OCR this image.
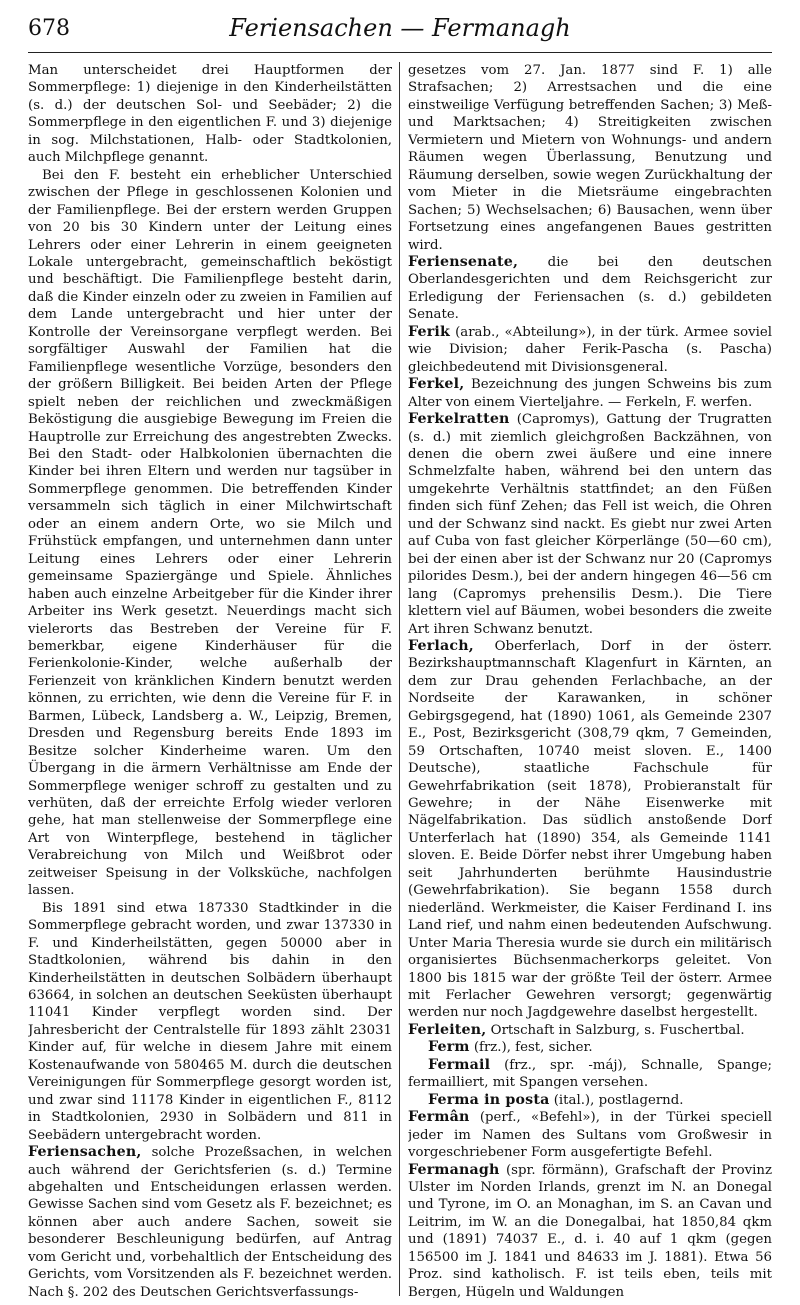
678	Feriensachen — Fermanagh

Man unterscheidet drei Hauptformen der Sommerpflege: 1) diejenige in den Kinderheilstätten (s. d.) der deutschen Sol- und Seebäder; 2) die Sommerpflege in den eigentlichen F. und 3) diejenige in sog. Milchstationen, Halb- oder Stadtkolonien, auch Milchpflege genannt.

Bei den F. besteht ein erheblicher Unterschied zwischen der Pflege in geschlossenen Kolonien und der Familienpflege. Bei der erstern werden Gruppen von 20 bis 30 Kindern unter der Leitung eines Lehrers oder einer Lehrerin in einem geeigneten Lokale untergebracht, gemeinschaftlich beköstigt und beschäftigt. Die Familienpflege besteht darin, daß die Kinder einzeln oder zu zweien in Familien auf dem Lande untergebracht und hier unter der Kontrolle der Vereinsorgane verpflegt werden. Bei sorgfältiger Auswahl der Familien hat die Familienpflege wesentliche Vorzüge, besonders den der größern Billigkeit. Bei beiden Arten der Pflege spielt neben der reichlichen und zweckmäßigen Beköstigung die ausgiebige Bewegung im Freien die Hauptrolle zur Erreichung des angestrebten Zwecks. Bei den Stadt- oder Halbkolonien übernachten die Kinder bei ihren Eltern und werden nur tagsüber in Sommerpflege genommen. Die betreffenden Kinder versammeln sich täglich in einer Milchwirtschaft oder an einem andern Orte, wo sie Milch und Frühstück empfangen, und unternehmen dann unter Leitung eines Lehrers oder einer Lehrerin gemeinsame Spaziergänge und Spiele. Ähnliches haben auch einzelne Arbeitgeber für die Kinder ihrer Arbeiter ins Werk gesetzt. Neuerdings macht sich vielerorts das Bestreben der Vereine für F. bemerkbar, eigene Kinderhäuser für die Ferienkolonie-Kinder, welche außerhalb der Ferienzeit von kränklichen Kindern benutzt werden können, zu errichten, wie denn die Vereine für F. in Barmen, Lübeck, Landsberg a. W., Leipzig, Bremen, Dresden und Regensburg bereits Ende 1893 im Besitze solcher Kinderheime waren. Um den Übergang in die ärmern Verhältnisse am Ende der Sommerpflege weniger schroff zu gestalten und zu verhüten, daß der erreichte Erfolg wieder verloren gehe, hat man stellenweise der Sommerpflege eine Art von Winterpflege, bestehend in täglicher Verabreichung von Milch und Weißbrot oder zeitweiser Speisung in der Volksküche, nachfolgen lassen.

Bis 1891 sind etwa 187330 Stadtkinder in die Sommerpflege gebracht worden, und zwar 137330 in F. und Kinderheilstätten, gegen 50000 aber in Stadtkolonien, während bis dahin in den Kinderheilstätten in deutschen Solbädern überhaupt 63664, in solchen an deutschen Seeküsten überhaupt 11041 Kinder verpflegt worden sind. Der Jahresbericht der Centralstelle für 1893 zählt 23031 Kinder auf, für welche in diesem Jahre mit einem Kostenaufwande von 580465 M. durch die deutschen Vereinigungen für Sommerpflege gesorgt worden ist, und zwar sind 11178 Kinder in eigentlichen F., 8112 in Stadtkolonien, 2930 in Solbädern und 811 in Seebädern untergebracht worden.

Feriensachen, solche Prozeßsachen, in welchen auch während der Gerichtsferien (s. d.) Termine abgehalten und Entscheidungen erlassen werden. Gewisse Sachen sind vom Gesetz als F. bezeichnet; es können aber auch andere Sachen, soweit sie besonderer Beschleunigung bedürfen, auf Antrag vom Gericht und, vorbehaltlich der Entscheidung des Gerichts, vom Vorsitzenden als F. bezeichnet werden. Nach §. 202 des Deutschen Gerichtsverfassungs-

gesetzes vom 27. Jan. 1877 sind F. 1) alle Strafsachen; 2) Arrestsachen und die eine einstweilige Verfügung betreffenden Sachen; 3) Meß- und Marktsachen; 4) Streitigkeiten zwischen Vermietern und Mietern von Wohnungs- und andern Räumen wegen Überlassung, Benutzung und Räumung derselben, sowie wegen Zurückhaltung der vom Mieter in die Mietsräume eingebrachten Sachen; 5) Wechselsachen; 6) Bausachen, wenn über Fortsetzung eines angefangenen Baues gestritten wird.

Feriensenate, die bei den deutschen Oberlandesgerichten und dem Reichsgericht zur Erledigung der Feriensachen (s. d.) gebildeten Senate.

Ferik (arab., «Abteilung»), in der türk. Armee soviel wie Division; daher Ferik-Pascha (s. Pascha) gleichbedeutend mit Divisionsgeneral.

Ferkel, Bezeichnung des jungen Schweins bis zum Alter von einem Vierteljahre. — Ferkeln, F. werfen.

Ferkelratten (Capromys), Gattung der Trugratten (s. d.) mit ziemlich gleichgroßen Backzähnen, von denen die obern zwei äußere und eine innere Schmelzfalte haben, während bei den untern das umgekehrte Verhältnis stattfindet; an den Füßen finden sich fünf Zehen; das Fell ist weich, die Ohren und der Schwanz sind nackt. Es giebt nur zwei Arten auf Cuba von fast gleicher Körperlänge (50—60 cm), bei der einen aber ist der Schwanz nur 20 (Capromys pilorides Desm.), bei der andern hingegen 46—56 cm lang (Capromys prehensilis Desm.). Die Tiere klettern viel auf Bäumen, wobei besonders die zweite Art ihren Schwanz benutzt.

Ferlach, Oberferlach, Dorf in der österr. Bezirkshauptmannschaft Klagenfurt in Kärnten, an dem zur Drau gehenden Ferlachbache, an der Nordseite der Karawanken, in schöner Gebirgsgegend, hat (1890) 1061, als Gemeinde 2307 E., Post, Bezirksgericht (308,79 qkm, 7 Gemeinden, 59 Ortschaften, 10740 meist sloven. E., 1400 Deutsche), staatliche Fachschule für Gewehrfabrikation (seit 1878), Probieranstalt für Gewehre; in der Nähe Eisenwerke mit Nägelfabrikation. Das südlich anstoßende Dorf Unterferlach hat (1890) 354, als Gemeinde 1141 sloven. E. Beide Dörfer nebst ihrer Umgebung haben seit Jahrhunderten berühmte Hausindustrie (Gewehrfabrikation). Sie begann 1558 durch niederländ. Werkmeister, die Kaiser Ferdinand I. ins Land rief, und nahm einen bedeutenden Aufschwung. Unter Maria Theresia wurde sie durch ein militärisch organisiertes Büchsenmacherkorps geleitet. Von 1800 bis 1815 war der größte Teil der österr. Armee mit Ferlacher Gewehren versorgt; gegenwärtig werden nur noch Jagdgewehre daselbst hergestellt.

Ferleiten, Ortschaft in Salzburg, s. Fuschertbal.

Ferm (frz.), fest, sicher.

Fermail (frz., spr. -máj), Schnalle, Spange; fermailliert, mit Spangen versehen.

Ferma in posta (ital.), postlagernd.

Fermân (perf., «Befehl»), in der Türkei speciell jeder im Namen des Sultans vom Großwesir in vorgeschriebener Form ausgefertigte Befehl.

Fermanagh (spr. förmänn), Grafschaft der Provinz Ulster im Norden Irlands, grenzt im N. an Donegal und Tyrone, im O. an Monaghan, im S. an Cavan und Leitrim, im W. an die Donegalbai, hat 1850,84 qkm und (1891) 74037 E., d. i. 40 auf 1 qkm (gegen 156500 im J. 1841 und 84633 im J. 1881). Etwa 56 Proz. sind katholisch. F. ist teils eben, teils mit Bergen, Hügeln und Waldungen
